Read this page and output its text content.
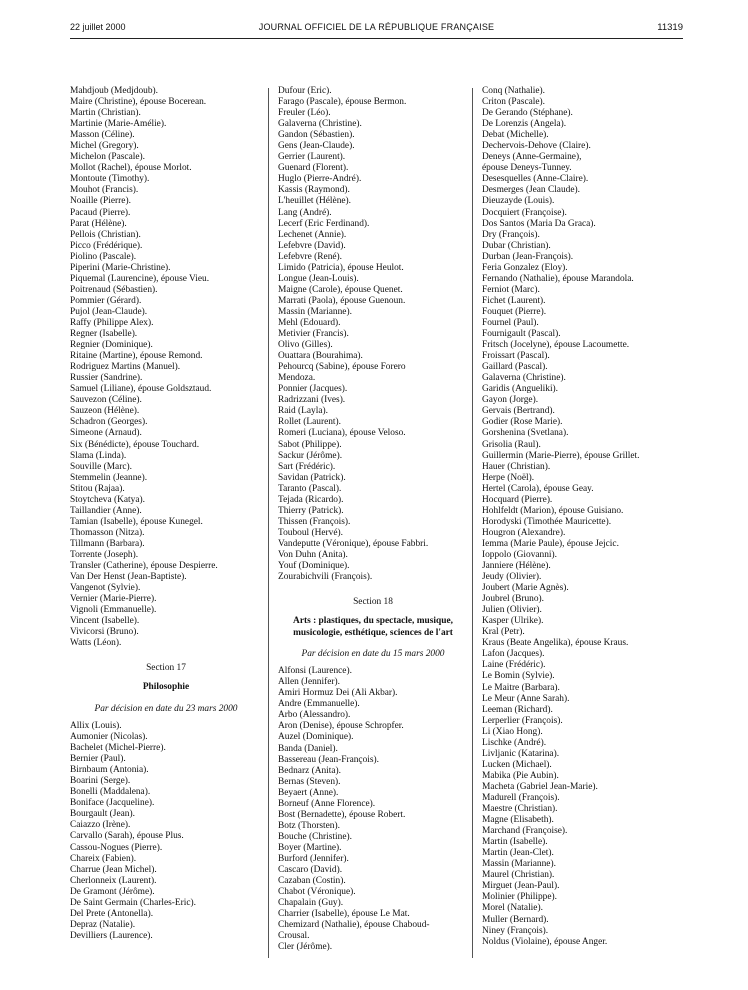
22 juillet 2000	JOURNAL OFFICIEL DE LA RÉPUBLIQUE FRANÇAISE	11319
Mahdjoub (Medjdoub).
Maire (Christine), épouse Bocerean.
Martin (Christian).
Martinie (Marie-Amélie).
Masson (Céline).
Michel (Gregory).
Michelon (Pascale).
Mollot (Rachel), épouse Morlot.
Montoute (Timothy).
Mouhot (Francis).
Noaille (Pierre).
Pacaud (Pierre).
Parat (Hélène).
Pellois (Christian).
Picco (Frédérique).
Piolino (Pascale).
Piperini (Marie-Christine).
Piquemal (Laurencine), épouse Vieu.
Poitrenaud (Sébastien).
Pommier (Gérard).
Pujol (Jean-Claude).
Raffy (Philippe Alex).
Regner (Isabelle).
Regnier (Dominique).
Ritaine (Martine), épouse Remond.
Rodriguez Martins (Manuel).
Russier (Sandrine).
Samuel (Liliane), épouse Goldsztaud.
Sauvezon (Céline).
Sauzeon (Hélène).
Schadron (Georges).
Simeone (Arnaud).
Six (Bénédicte), épouse Touchard.
Slama (Linda).
Souville (Marc).
Stemmelin (Jeanne).
Stitou (Rajaa).
Stoytcheva (Katya).
Taillandier (Anne).
Tamian (Isabelle), épouse Kunegel.
Thomasson (Nitza).
Tillmann (Barbara).
Torrente (Joseph).
Transler (Catherine), épouse Despierre.
Van Der Henst (Jean-Baptiste).
Vangenot (Sylvie).
Vernier (Marie-Pierre).
Vignoli (Emmanuelle).
Vincent (Isabelle).
Vivicorsi (Bruno).
Watts (Léon).
Section 17
Philosophie
Par décision en date du 23 mars 2000
Allix (Louis).
Aumonier (Nicolas).
Bachelet (Michel-Pierre).
Bernier (Paul).
Birnbaum (Antonia).
Boarini (Serge).
Bonelli (Maddalena).
Boniface (Jacqueline).
Bourgault (Jean).
Caiazzo (Irène).
Carvallo (Sarah), épouse Plus.
Cassou-Nogues (Pierre).
Chareix (Fabien).
Charrue (Jean Michel).
Cherlonneix (Laurent).
De Gramont (Jérôme).
De Saint Germain (Charles-Eric).
Del Prete (Antonella).
Depraz (Natalie).
Devilliers (Laurence).
Dufour (Eric).
Farago (Pascale), épouse Bermon.
Freuler (Léo).
Galaverna (Christine).
Gandon (Sébastien).
Gens (Jean-Claude).
Gerrier (Laurent).
Guenard (Florent).
Huglo (Pierre-André).
Kassis (Raymond).
L'heuillet (Hélène).
Lang (André).
Lecerf (Eric Ferdinand).
Lechenet (Annie).
Lefebvre (David).
Lefebvre (René).
Limido (Patricia), épouse Heulot.
Longue (Jean-Louis).
Maigne (Carole), épouse Quenet.
Marrati (Paola), épouse Guenoun.
Massin (Marianne).
Mehl (Edouard).
Metivier (Francis).
Olivo (Gilles).
Ouattara (Bourahima).
Pehourcq (Sabine), épouse Forero
Mendoza.
Ponnier (Jacques).
Radrizzani (Ives).
Raid (Layla).
Rollet (Laurent).
Romeri (Luciana), épouse Veloso.
Sabot (Philippe).
Sackur (Jérôme).
Sart (Frédéric).
Savidan (Patrick).
Taranto (Pascal).
Tejada (Ricardo).
Thierry (Patrick).
Thissen (François).
Touboul (Hervé).
Vandeputte (Véronique), épouse Fabbri.
Von Duhn (Anita).
Youf (Dominique).
Zourabichvili (François).
Section 18
Arts : plastiques, du spectacle, musique, musicologie, esthétique, sciences de l'art
Par décision en date du 15 mars 2000
Alfonsi (Laurence).
Allen (Jennifer).
Amiri Hormuz Dei (Ali Akbar).
Andre (Emmanuelle).
Arbo (Alessandro).
Aron (Denise), épouse Schropfer.
Auzel (Dominique).
Banda (Daniel).
Bassereau (Jean-François).
Bednarz (Anita).
Bernas (Steven).
Beyaert (Anne).
Borneuf (Anne Florence).
Bost (Bernadette), épouse Robert.
Botz (Thorsten).
Bouche (Christine).
Boyer (Martine).
Burford (Jennifer).
Cascaro (David).
Cazaban (Costin).
Chabot (Véronique).
Chapalain (Guy).
Charrier (Isabelle), épouse Le Mat.
Chemizard (Nathalie), épouse Chaboud-
Crousal.
Cler (Jérôme).
Conq (Nathalie).
Criton (Pascale).
De Gerando (Stéphane).
De Lorenzis (Angela).
Debat (Michelle).
Dechervois-Dehove (Claire).
Deneys (Anne-Germaine),
épouse Deneys-Tunney.
Desesquelles (Anne-Claire).
Desmerges (Jean Claude).
Dieuzayde (Louis).
Docquiert (Françoise).
Dos Santos (Maria Da Graca).
Dry (François).
Dubar (Christian).
Durban (Jean-François).
Feria Gonzalez (Eloy).
Fernando (Nathalie), épouse Marandola.
Ferniot (Marc).
Fichet (Laurent).
Fouquet (Pierre).
Fournel (Paul).
Fournigault (Pascal).
Fritsch (Jocelyne), épouse Lacoumette.
Froissart (Pascal).
Gaillard (Pascal).
Galaverna (Christine).
Garidis (Angueliki).
Gayon (Jorge).
Gervais (Bertrand).
Godier (Rose Marie).
Gorshenina (Svetlana).
Grisolia (Raul).
Guillermin (Marie-Pierre), épouse Grillet.
Hauer (Christian).
Herpe (Noël).
Hertel (Carola), épouse Geay.
Hocquard (Pierre).
Hohlfeldt (Marion), épouse Guisiano.
Horodyski (Timothée Mauricette).
Hougron (Alexandre).
Iemma (Marie Paule), épouse Jejcic.
Ioppolo (Giovanni).
Janniere (Hélène).
Jeudy (Olivier).
Joubert (Marie Agnès).
Joubrel (Bruno).
Julien (Olivier).
Kasper (Ulrike).
Kral (Petr).
Kraus (Beate Angelika), épouse Kraus.
Lafon (Jacques).
Laine (Frédéric).
Le Bomin (Sylvie).
Le Maitre (Barbara).
Le Meur (Anne Sarah).
Leeman (Richard).
Lerperlier (François).
Li (Xiao Hong).
Lischke (André).
Livljanic (Katarina).
Lucken (Michael).
Mabika (Pie Aubin).
Macheta (Gabriel Jean-Marie).
Madurell (François).
Maestre (Christian).
Magne (Elisabeth).
Marchand (Françoise).
Martin (Isabelle).
Martin (Jean-Clet).
Massin (Marianne).
Maurel (Christian).
Mirguet (Jean-Paul).
Molinier (Philippe).
Morel (Natalie).
Muller (Bernard).
Niney (François).
Noldus (Violaine), épouse Anger.
